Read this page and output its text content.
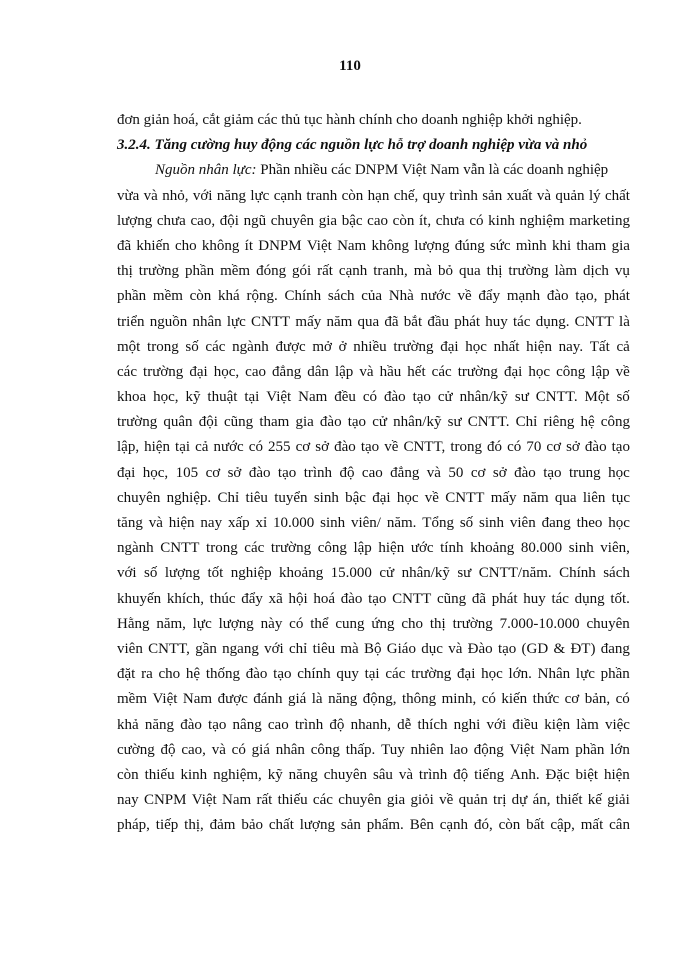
110
đơn giản hoá, cắt giảm các thủ tục hành chính cho doanh nghiệp khởi nghiệp.
3.2.4. Tăng cường huy động các nguồn lực hỗ trợ doanh nghiệp vừa và nhỏ
Nguồn nhân lực: Phần nhiều các DNPM Việt Nam vẫn là các doanh nghiệp
vừa và nhỏ, với năng lực cạnh tranh còn hạn chế, quy trình sản xuất và quản lý chất
lượng chưa cao, đội ngũ chuyên gia bậc cao còn ít, chưa có kinh nghiệm marketing
đã khiến cho không ít DNPM Việt Nam không lượng đúng sức mình khi tham gia
thị trường phần mềm đóng gói rất cạnh tranh, mà bỏ qua thị trường làm dịch vụ
phần mềm còn khá rộng. Chính sách của Nhà nước về đẩy mạnh đào tạo, phát
triển nguồn nhân lực CNTT mấy năm qua đã bắt đầu phát huy tác dụng. CNTT là
một trong số các ngành được mở ở nhiều trường đại học nhất hiện nay. Tất cả
các trường đại học, cao đẳng dân lập và hầu hết các trường đại học công lập về
khoa học, kỹ thuật tại Việt Nam đều có đào tạo cử nhân/kỹ sư CNTT. Một số
trường quân đội cũng tham gia đào tạo cử nhân/kỹ sư CNTT. Chỉ riêng hệ công
lập, hiện tại cả nước có 255 cơ sở đào tạo về CNTT, trong đó có 70 cơ sở đào tạo
đại học, 105 cơ sở đào tạo trình độ cao đẳng và 50 cơ sở đào tạo trung học
chuyên nghiệp. Chỉ tiêu tuyển sinh bậc đại học về CNTT mấy năm qua liên tục
tăng và hiện nay xấp xỉ 10.000 sinh viên/ năm. Tổng số sinh viên đang theo học
ngành CNTT trong các trường công lập hiện ước tính khoảng 80.000 sinh viên,
với số lượng tốt nghiệp khoảng 15.000 cử nhân/kỹ sư CNTT/năm. Chính sách
khuyến khích, thúc đẩy xã hội hoá đào tạo CNTT cũng đã phát huy tác dụng tốt.
Hằng năm, lực lượng này có thể cung ứng cho thị trường 7.000-10.000 chuyên
viên CNTT, gần ngang với chỉ tiêu mà Bộ Giáo dục và Đào tạo (GD & ĐT) đang
đặt ra cho hệ thống đào tạo chính quy tại các trường đại học lớn. Nhân lực phần
mềm Việt Nam được đánh giá là năng động, thông minh, có kiến thức cơ bản, có
khả năng đào tạo nâng cao trình độ nhanh, dễ thích nghi với điều kiện làm việc
cường độ cao, và có giá nhân công thấp. Tuy nhiên lao động Việt Nam phần lớn
còn thiếu kinh nghiệm, kỹ năng chuyên sâu và trình độ tiếng Anh. Đặc biệt hiện
nay CNPM Việt Nam rất thiếu các chuyên gia giỏi về quản trị dự án, thiết kế giải
pháp, tiếp thị, đảm bảo chất lượng sản phẩm. Bên cạnh đó, còn bất cập, mất cân
